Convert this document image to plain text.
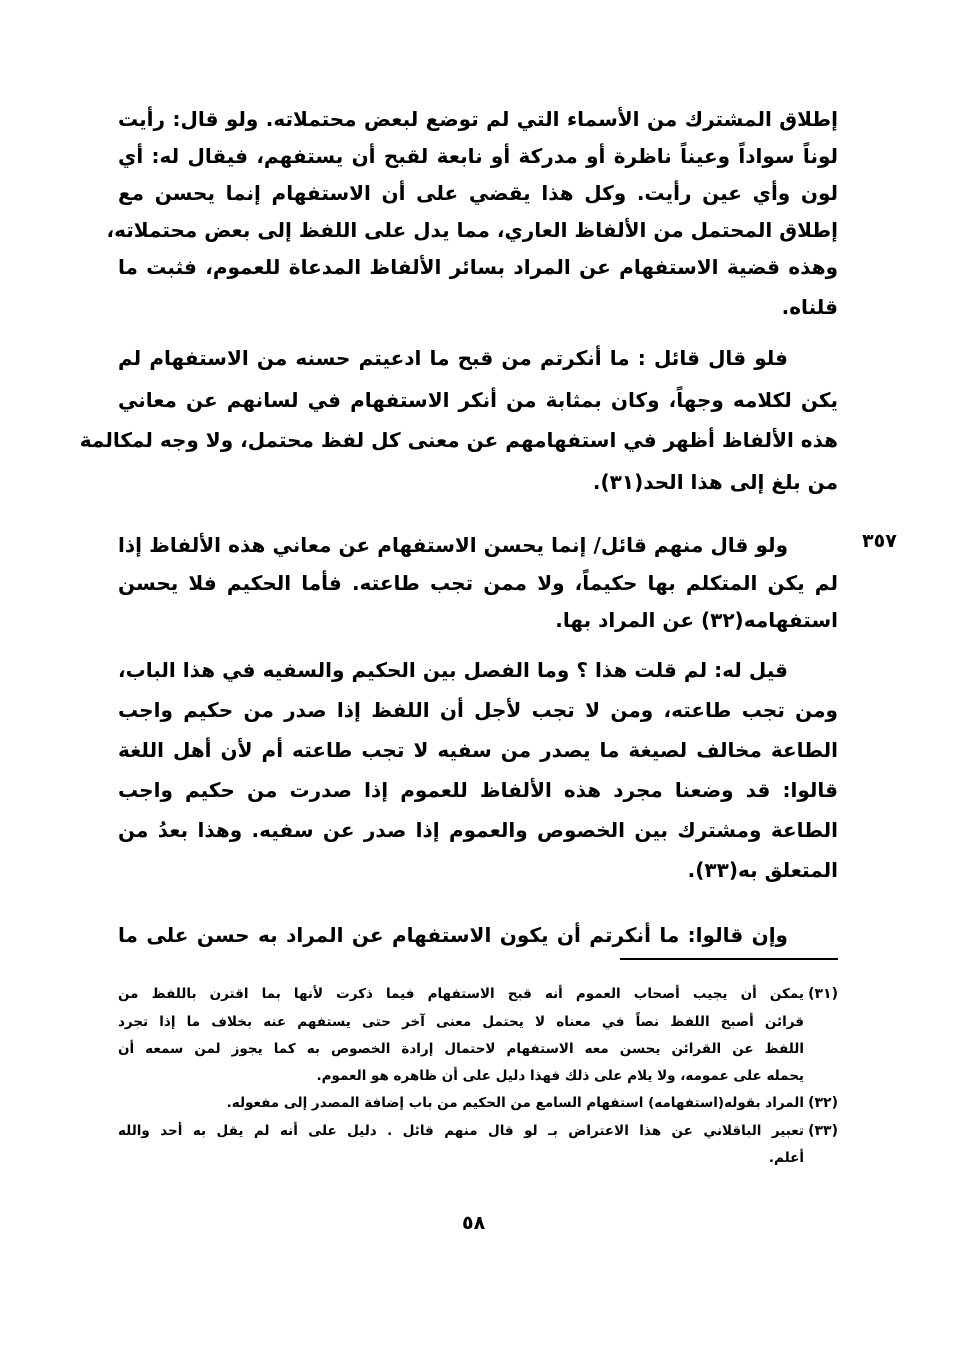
٣٥٧
٥٨
إطلاق المشترك من الأسماء التي لم توضع لبعض محتملاته. ولو قال: رأيت
لوناً سواداً وعيناً ناظرة أو مدركة أو نابعة لقبح أن يستفهم، فيقال له: أي
لون وأي عين رأيت. وكل هذا يقضي على أن الاستفهام إنما يحسن مع
إطلاق المحتمل من الألفاظ العاري، مما يدل على اللفظ إلى بعض محتملاته،
وهذه قضية الاستفهام عن المراد بسائر الألفاظ المدعاة للعموم، فثبت ما
قلناه.
فلو قال قائل : ما أنكرتم من قبح ما ادعيتم حسنه من الاستفهام لم
يكن لكلامه وجهاً، وكان بمثابة من أنكر الاستفهام في لسانهم عن معاني
هذه الألفاظ أظهر في استفهامهم عن معنى كل لفظ محتمل، ولا وجه لمكالمة
من بلغ إلى هذا الحد(٣١).
ولو قال منهم قائل/ إنما يحسن الاستفهام عن معاني هذه الألفاظ إذا
لم يكن المتكلم بها حكيماً، ولا ممن تجب طاعته. فأما الحكيم فلا يحسن
استفهامه(٣٢) عن المراد بها.
قيل له: لم قلت هذا ؟ وما الفصل بين الحكيم والسفيه في هذا الباب،
ومن تجب طاعته، ومن لا تجب لأجل أن اللفظ إذا صدر من حكيم واجب
الطاعة مخالف لصيغة ما يصدر من سفيه لا تجب طاعته أم لأن أهل اللغة
قالوا: قد وضعنا مجرد هذه الألفاظ للعموم إذا صدرت من حكيم واجب
الطاعة ومشترك بين الخصوص والعموم إذا صدر عن سفيه. وهذا بعدُ من
المتعلق به(٣٣).
وإن قالوا: ما أنكرتم أن يكون الاستفهام عن المراد به حسن على ما
(٣١)
يمكن أن يجيب أصحاب العموم أنه قبح الاستفهام فيما ذكرت لأنها بما اقترن باللفظ من
قرائن أصبح اللفظ نصاً في معناه لا يحتمل معنى آخر حتى يستفهم عنه بخلاف ما إذا تجرد
اللفظ عن القرائن يحسن معه الاستفهام لاحتمال إرادة الخصوص به كما يجوز لمن سمعه أن
يحمله على عمومه، ولا يلام على ذلك فهذا دليل على أن ظاهره هو العموم.
(٣٢)
المراد بقوله(استفهامه) استفهام السامع من الحكيم من باب إضافة المصدر إلى مفعوله.
(٣٣)
تعبير الباقلاني عن هذا الاعتراض بـ لو قال منهم قائل . دليل على أنه لم يقل به أحد والله
أعلم.
